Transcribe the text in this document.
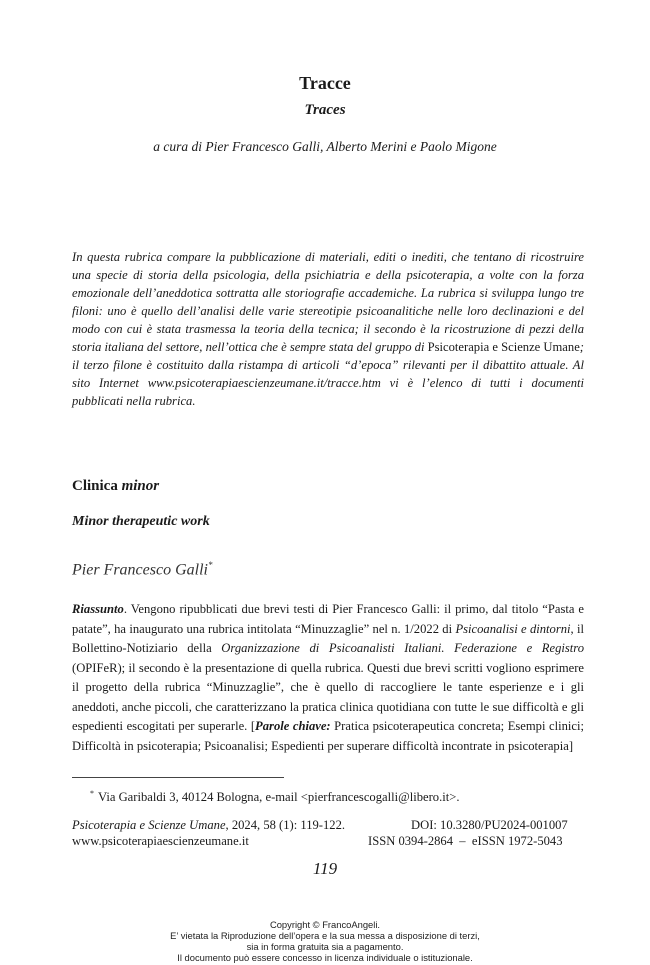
Tracce
Traces
a cura di Pier Francesco Galli, Alberto Merini e Paolo Migone
In questa rubrica compare la pubblicazione di materiali, editi o inediti, che tentano di ricostruire una specie di storia della psicologia, della psichiatria e della psicoterapia, a volte con la forza emozionale dell’aneddotica sottratta alle storiografie accademiche. La rubrica si sviluppa lungo tre filoni: uno è quello dell’analisi delle varie stereotipie psicoanalitiche nelle loro declinazioni e del modo con cui è stata trasmessa la teoria della tecnica; il secondo è la ricostruzione di pezzi della storia italiana del settore, nell’ottica che è sempre stata del gruppo di Psicoterapia e Scienze Umane; il terzo filone è costituito dalla ristampa di articoli “d’epoca” rilevanti per il dibattito attuale. Al sito Internet www.psicoterapiaescienzeumane.it/tracce.htm vi è l’elenco di tutti i documenti pubblicati nella rubrica.
Clinica minor
Minor therapeutic work
Pier Francesco Galli*
Riassunto. Vengono ripubblicati due brevi testi di Pier Francesco Galli: il primo, dal titolo “Pasta e patate”, ha inaugurato una rubrica intitolata “Minuzzaglie” nel n. 1/2022 di Psicoanalisi e dintorni, il Bollettino-Notiziario della Organizzazione di Psicoanalisti Italiani. Federazione e Registro (OPIFeR); il secondo è la presentazione di quella rubrica. Questi due brevi scritti vogliono esprimere il progetto della rubrica “Minuzzaglie”, che è quello di raccogliere le tante esperienze e i gli aneddoti, anche piccoli, che caratterizzano la pratica clinica quotidiana con tutte le sue difficoltà e gli espedienti escogitati per superarle. [Parole chiave: Pratica psicoterapeutica concreta; Esempi clinici; Difficoltà in psicoterapia; Psicoanalisi; Espedienti per superare difficoltà incontrate in psicoterapia]
* Via Garibaldi 3, 40124 Bologna, e-mail <pierfrancescogalli@libero.it>.
Psicoterapia e Scienze Umane, 2024, 58 (1): 119-122.	DOI: 10.3280/PU2024-001007
www.psicoterapiaescienzeumane.it	ISSN 0394-2864  –  eISSN 1972-5043
119
Copyright © FrancoAngeli.
E’ vietata la Riproduzione dell’opera e la sua messa a disposizione di terzi,
sia in forma gratuita sia a pagamento.
Il documento può essere concesso in licenza individuale o istituzionale.
